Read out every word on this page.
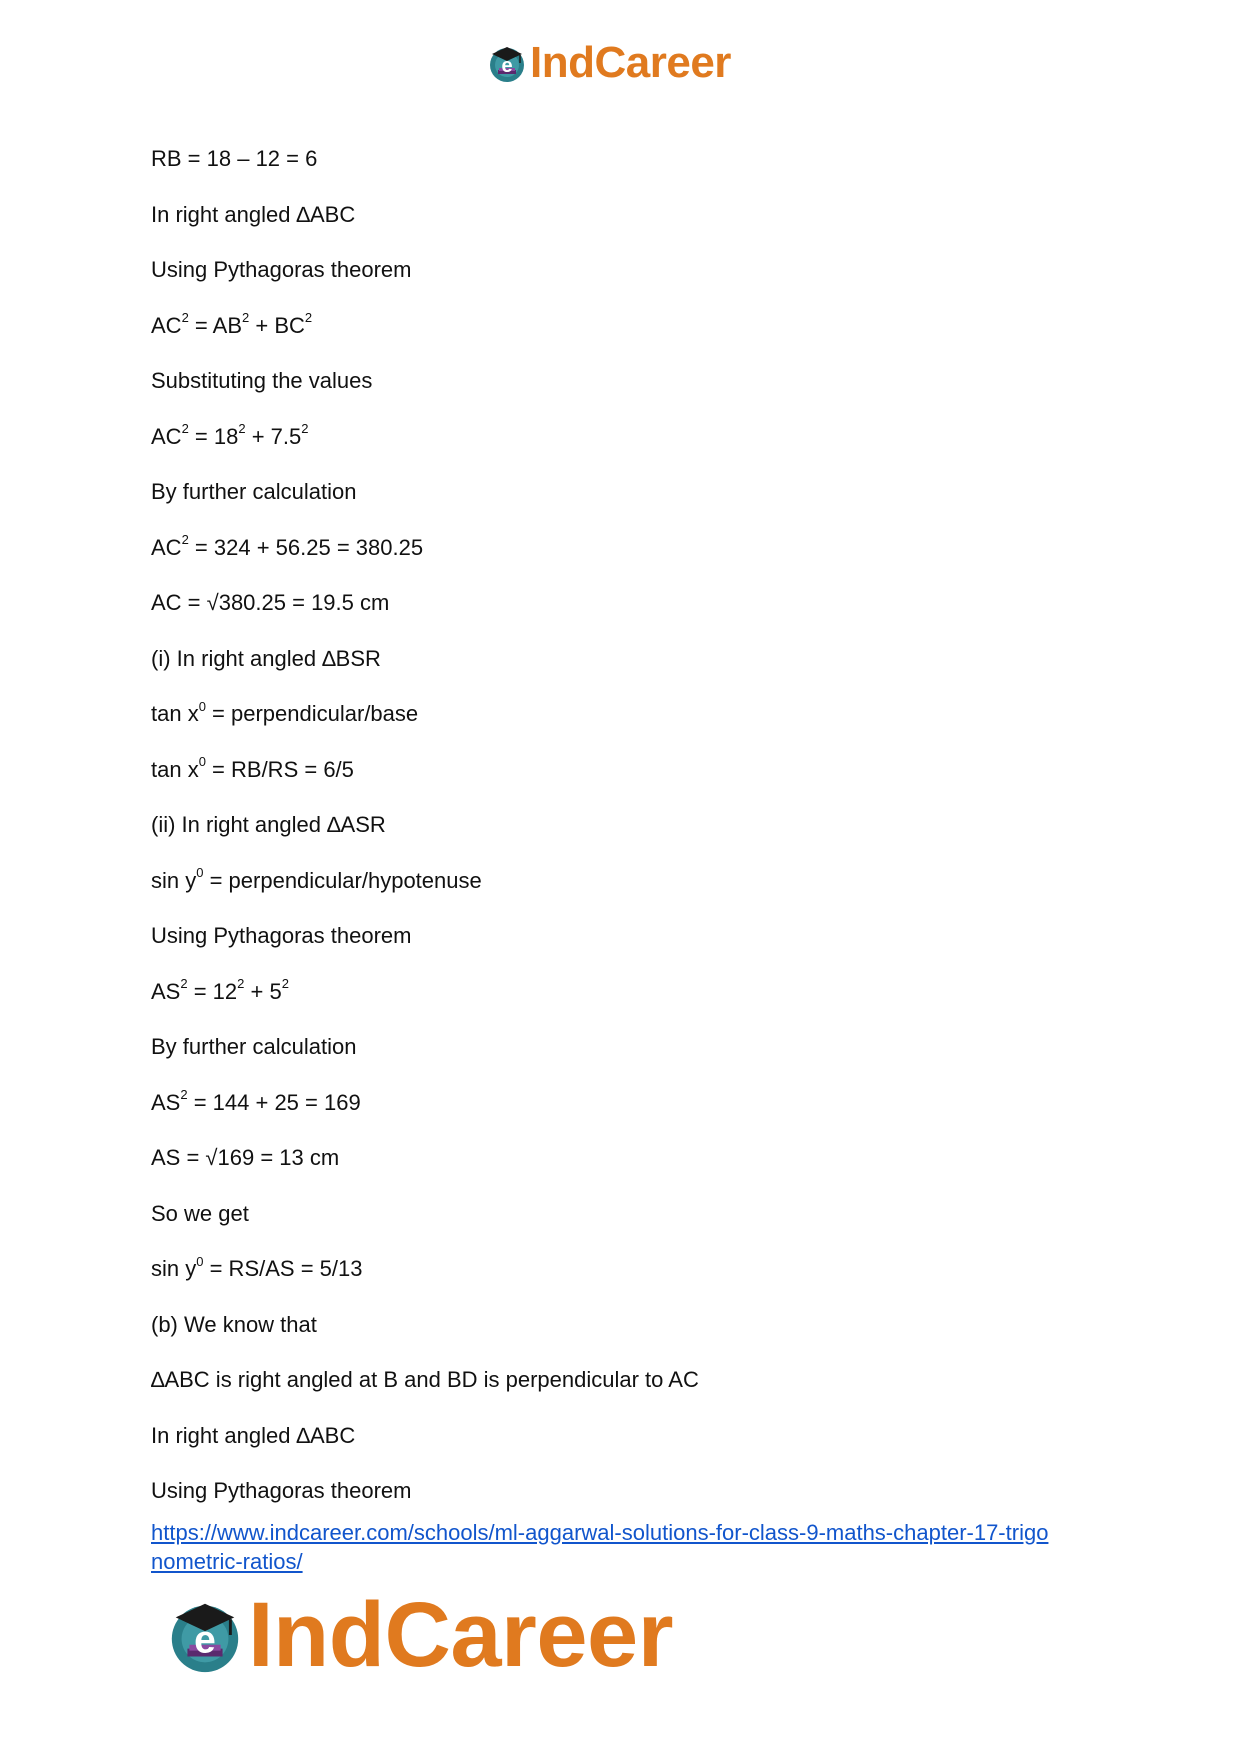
e IndCareer
RB = 18 – 12 = 6
In right angled ∆ABC
Using Pythagoras theorem
$AC^2 = AB^2 + BC^2$
Substituting the values
$AC^2 = 18^2 + 7.5^2$
By further calculation
$AC^2 = 324 + 56.25 = 380.25$
AC = √380.25 = 19.5 cm
(i) In right angled ∆BSR
$\tan x^0$ = perpendicular/base
$\tan x^0 = RB/RS = 6/5$
(ii) In right angled ∆ASR
$\sin y^0$ = perpendicular/hypotenuse
Using Pythagoras theorem
$AS^2 = 12^2 + 5^2$
By further calculation
$AS^2 = 144 + 25 = 169$
AS = √169 = 13 cm
So we get
$\sin y^0 = RS/AS = 5/13$
(b) We know that
∆ABC is right angled at B and BD is perpendicular to AC
In right angled ∆ABC
Using Pythagoras theorem
https://www.indcareer.com/schools/ml-aggarwal-solutions-for-class-9-maths-chapter-17-trigo
nometric-ratios/
e IndCareer
